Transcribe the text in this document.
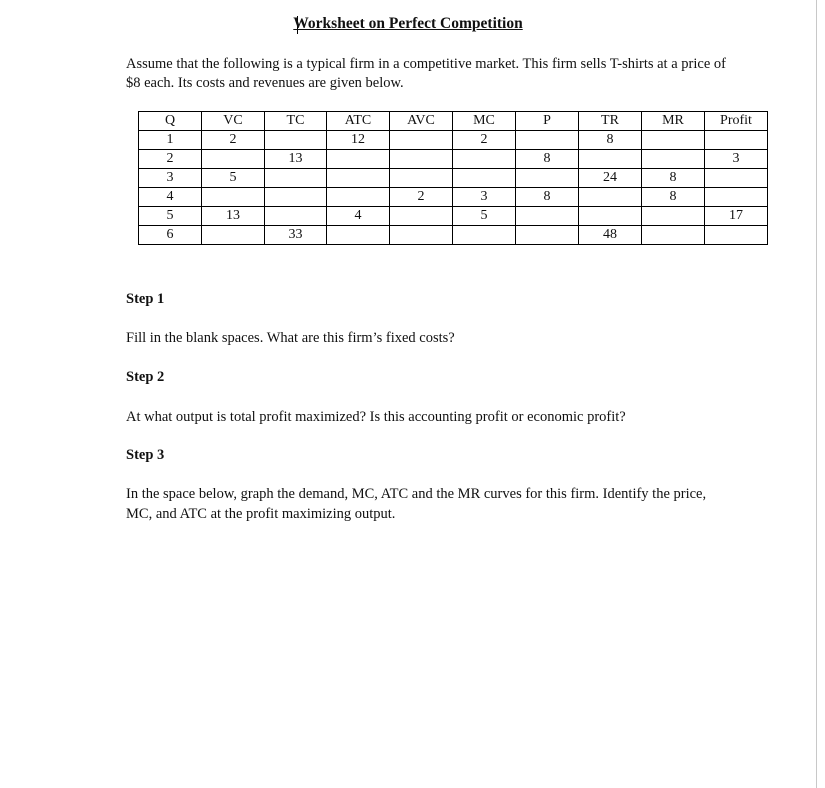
Worksheet on Perfect Competition
Assume that the following is a typical firm in a competitive market. This firm sells T-shirts at a price of $8 each. Its costs and revenues are given below.
Q	VC	TC	ATC	AVC	MC	P	TR	MR	Profit
1	2		12		2		8		
2		13				8			3
3	5						24	8	
4				2	3	8		8	
5	13		4		5				17
6		33					48		
Step 1
Fill in the blank spaces. What are this firm’s fixed costs?
Step 2
At what output is total profit maximized? Is this accounting profit or economic profit?
Step 3
In the space below, graph the demand, MC, ATC and the MR curves for this firm. Identify the price, MC, and ATC at the profit maximizing output.
